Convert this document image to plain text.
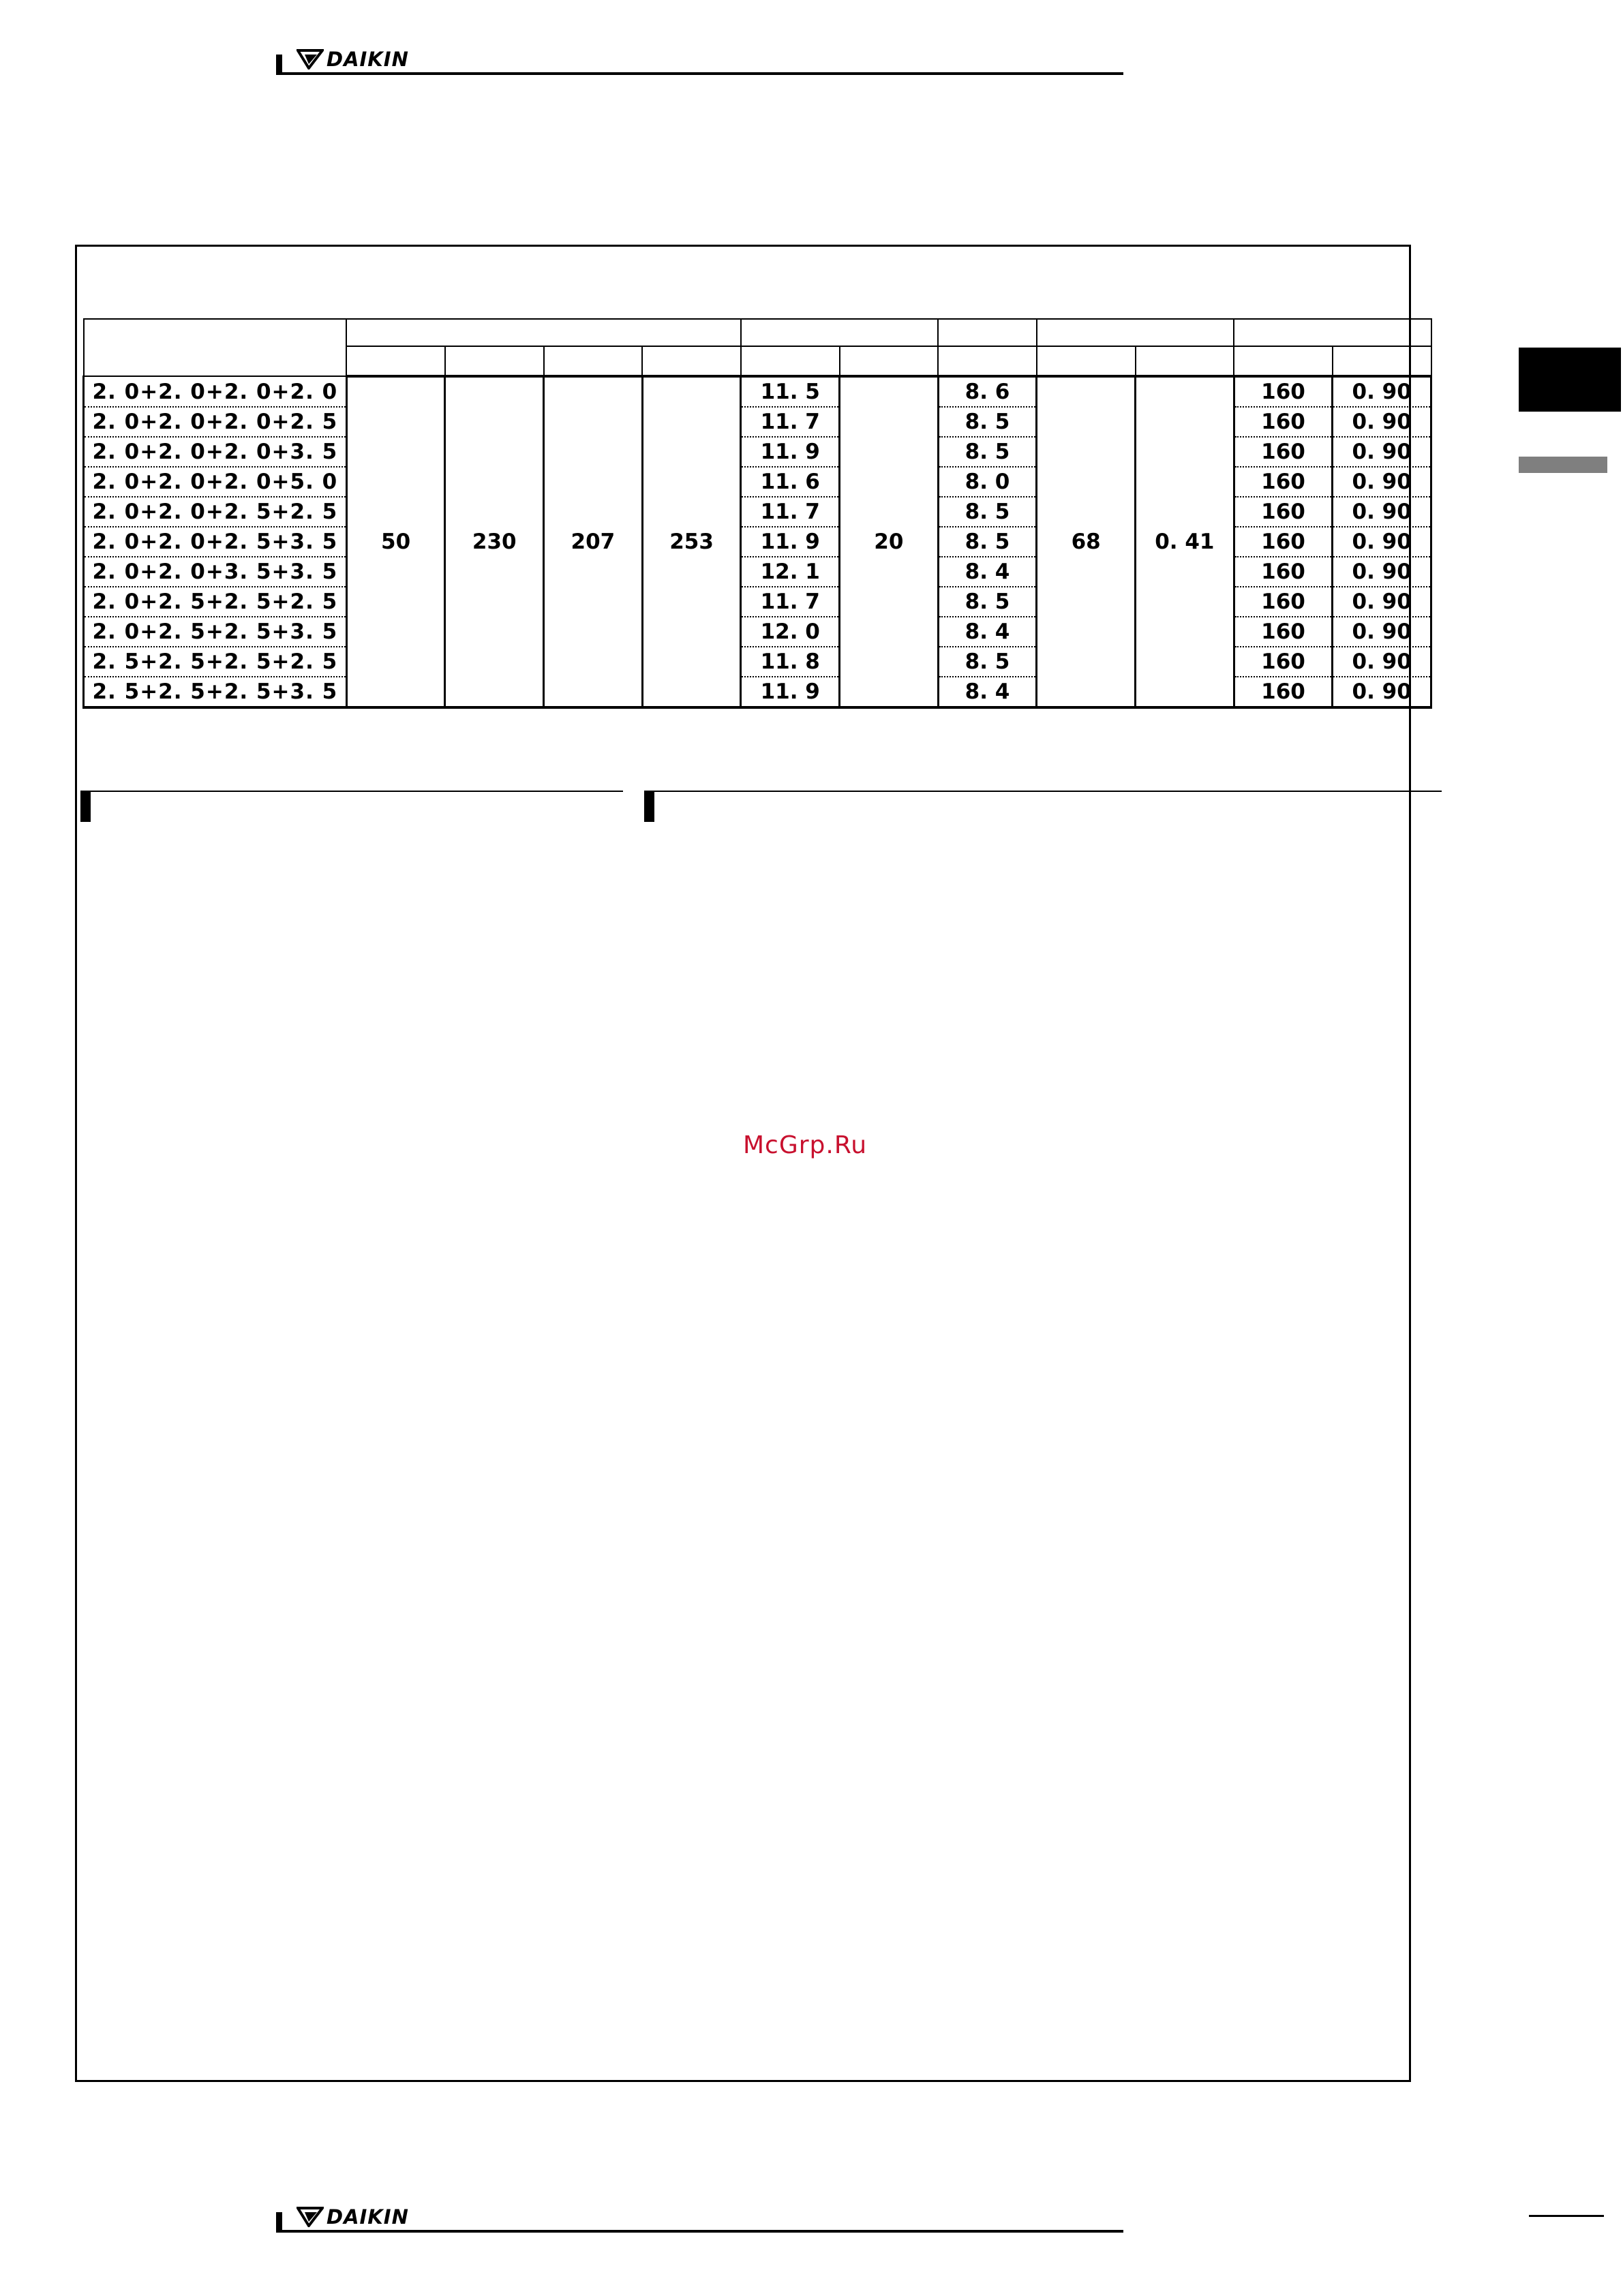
DAIKIN

2. 0+2. 0+2. 0+2. 0	50	230	207	253	11. 5	20	8. 6	68	0. 41	160	0. 90
2. 0+2. 0+2. 0+2. 5					11. 7		8. 5			160	0. 90
2. 0+2. 0+2. 0+3. 5					11. 9		8. 5			160	0. 90
2. 0+2. 0+2. 0+5. 0					11. 6		8. 0			160	0. 90
2. 0+2. 0+2. 5+2. 5					11. 7		8. 5			160	0. 90
2. 0+2. 0+2. 5+3. 5					11. 9		8. 5			160	0. 90
2. 0+2. 0+3. 5+3. 5					12. 1		8. 4			160	0. 90
2. 0+2. 5+2. 5+2. 5					11. 7		8. 5			160	0. 90
2. 0+2. 5+2. 5+3. 5					12. 0		8. 4			160	0. 90
2. 5+2. 5+2. 5+2. 5					11. 8		8. 5			160	0. 90
2. 5+2. 5+2. 5+3. 5					11. 9		8. 4			160	0. 90
McGrp.Ru
DAIKIN
